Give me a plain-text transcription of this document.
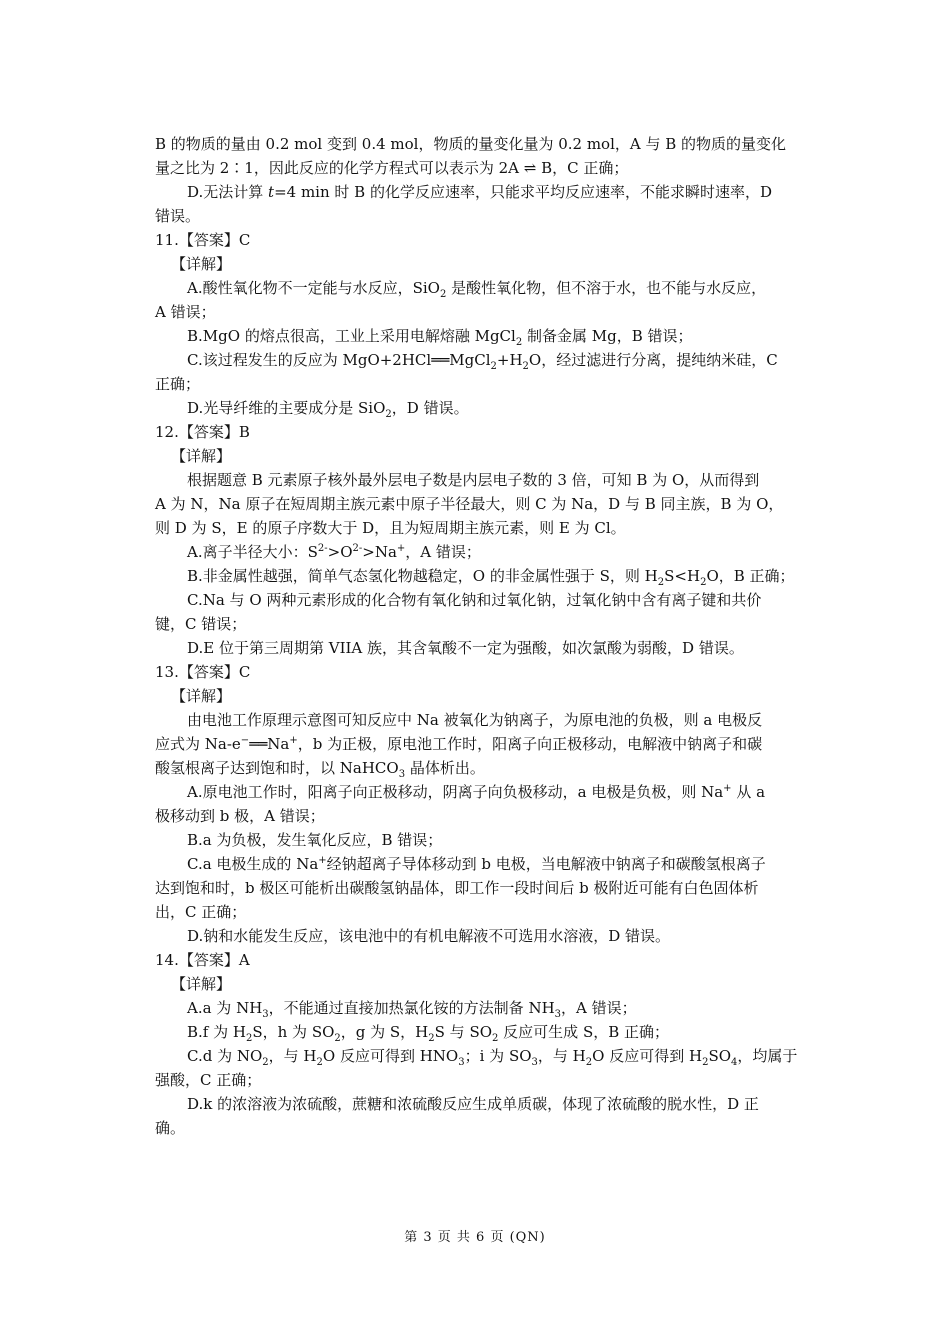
B 的物质的量由 0.2 mol 变到 0.4 mol，物质的量变化量为 0.2 mol，A 与 B 的物质的量变化
量之比为 2∶1，因此反应的化学方程式可以表示为 2A ⇌ B，C 正确；
D.无法计算 t=4 min 时 B 的化学反应速率，只能求平均反应速率，不能求瞬时速率，D
错误。
11.【答案】C
【详解】
A.酸性氧化物不一定能与水反应，SiO$_2$ 是酸性氧化物，但不溶于水，也不能与水反应，
A 错误；
B.MgO 的熔点很高，工业上采用电解熔融 MgCl$_2$ 制备金属 Mg，B 错误；
C.该过程发生的反应为 $MgO+2HCl══MgCl_2+H_2O$，经过滤进行分离，提纯纳米硅，C
正确；
D.光导纤维的主要成分是 SiO$_2$，D 错误。
12.【答案】B
【详解】
根据题意 B 元素原子核外最外层电子数是内层电子数的 3 倍，可知 B 为 O，从而得到
A 为 N，Na 原子在短周期主族元素中原子半径最大，则 C 为 Na，D 与 B 同主族，B 为 O，
则 D 为 S，E 的原子序数大于 D，且为短周期主族元素，则 E 为 Cl。
A.离子半径大小：$S^{2-}>O^{2-}>Na^+$，A 错误；
B.非金属性越强，简单气态氢化物越稳定，O 的非金属性强于 S，则 $H_2S<H_2O$，B 正确；
C.Na 与 O 两种元素形成的化合物有氧化钠和过氧化钠，过氧化钠中含有离子键和共价
键，C 错误；
D.E 位于第三周期第 VIIA 族，其含氧酸不一定为强酸，如次氯酸为弱酸，D 错误。
13.【答案】C
【详解】
由电池工作原理示意图可知反应中 Na 被氧化为钠离子，为原电池的负极，则 a 电极反
应式为 Na-e−══Na+，b 为正极，原电池工作时，阳离子向正极移动，电解液中钠离子和碳
酸氢根离子达到饱和时，以 NaHCO$_3$ 晶体析出。
A.原电池工作时，阳离子向正极移动，阴离子向负极移动，a 电极是负极，则 Na+ 从 a
极移动到 b 极，A 错误；
B.a 为负极，发生氧化反应，B 错误；
C.a 电极生成的 Na+经钠超离子导体移动到 b 电极，当电解液中钠离子和碳酸氢根离子
达到饱和时，b 极区可能析出碳酸氢钠晶体，即工作一段时间后 b 极附近可能有白色固体析
出，C 正确；
D.钠和水能发生反应，该电池中的有机电解液不可选用水溶液，D 错误。
14.【答案】A
【详解】
A.a 为 $NH_3$，不能通过直接加热氯化铵的方法制备 $NH_3$，A 错误；
B.f 为 $H_2S$，h 为 $SO_2$，g 为 S，$H_2S$ 与 $SO_2$ 反应可生成 S，B 正确；
C.d 为 $NO_2$，与 $H_2O$ 反应可得到 $HNO_3$；i 为 $SO_3$，与 $H_2O$ 反应可得到 $H_2SO_4$，均属于
强酸，C 正确；
D.k 的浓溶液为浓硫酸，蔗糖和浓硫酸反应生成单质碳，体现了浓硫酸的脱水性，D 正
确。
第 3 页 共 6 页 (QN)
